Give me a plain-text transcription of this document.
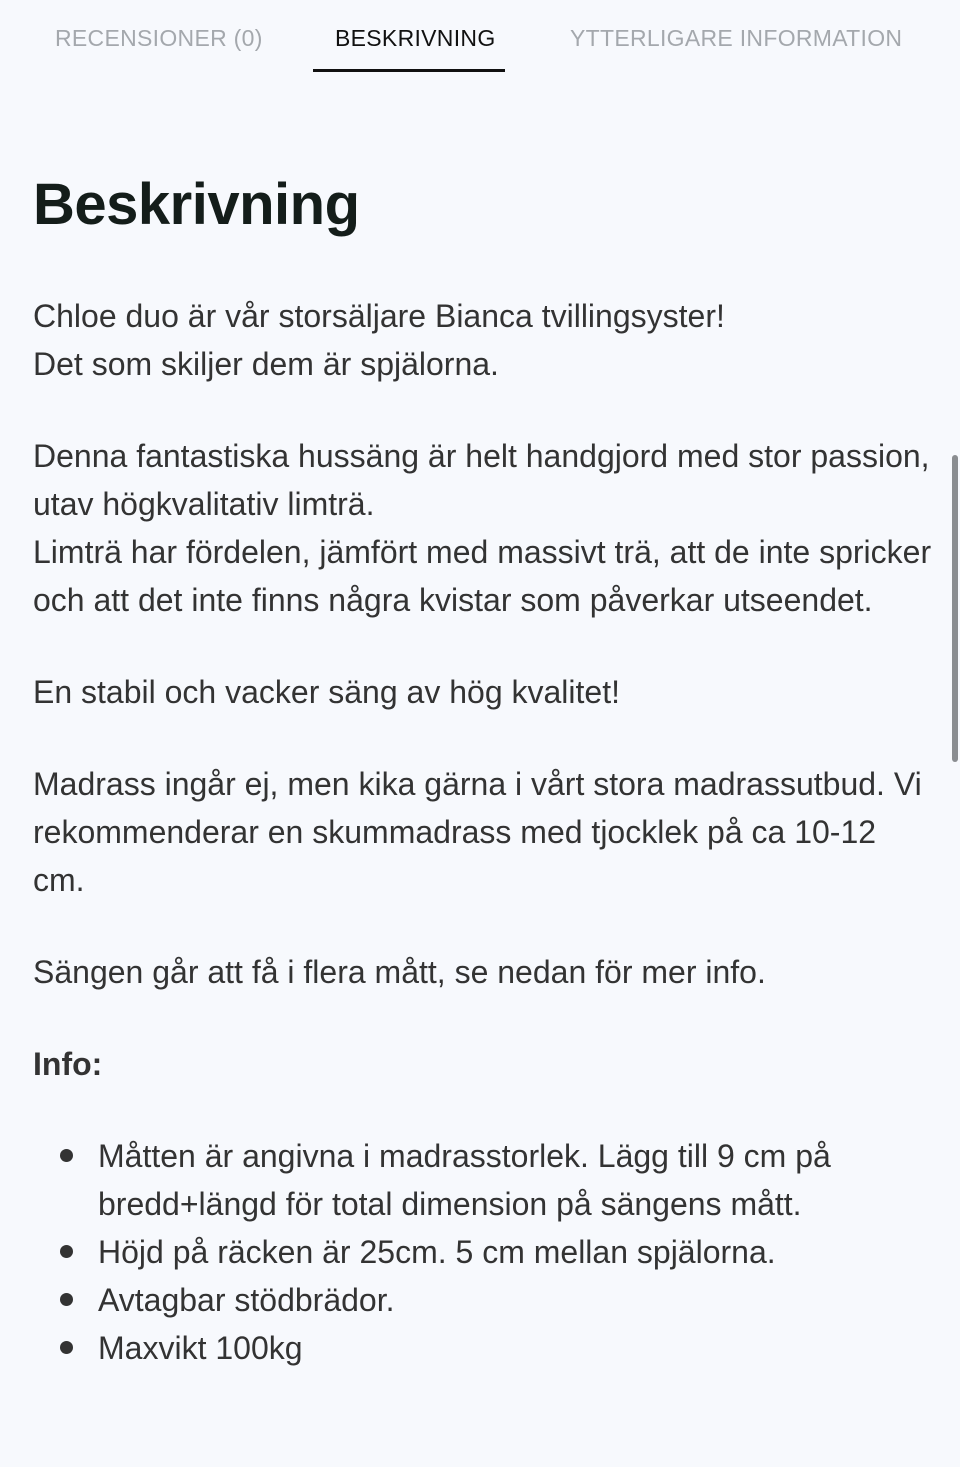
RECENSIONER (0)	BESKRIVNING	YTTERLIGARE INFORMATION
Beskrivning

Chloe duo är vår storsäljare Bianca tvillingsyster!
Det som skiljer dem är spjälorna.

Denna fantastiska hussäng är helt handgjord med stor passion, utav högkvalitativ limträ.
Limträ har fördelen, jämfört med massivt trä, att de inte spricker och att det inte finns några kvistar som påverkar utseendet.

En stabil och vacker säng av hög kvalitet!

Madrass ingår ej, men kika gärna i vårt stora madrassutbud. Vi rekommenderar en skummadrass med tjocklek på ca 10-12 cm.

Sängen går att få i flera mått, se nedan för mer info.

Info:

Måtten är angivna i madrasstorlek. Lägg till 9 cm på bredd+längd för total dimension på sängens mått.
Höjd på räcken är 25cm. 5 cm mellan spjälorna.
Avtagbar stödbrädor.
Maxvikt 100kg
